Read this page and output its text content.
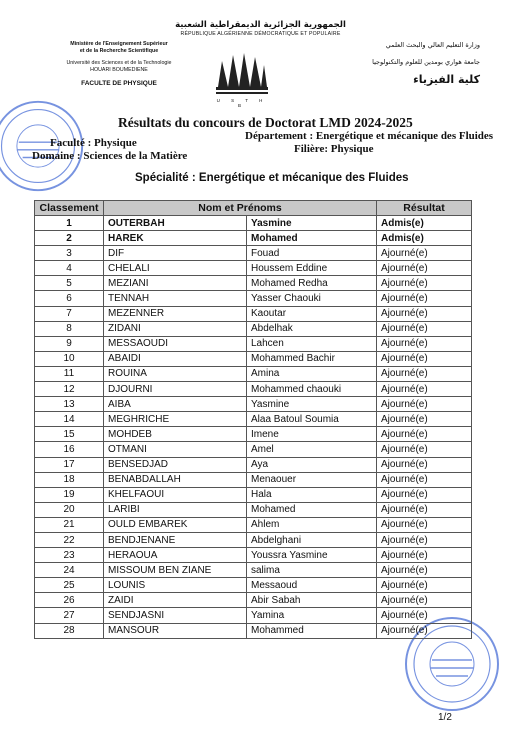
الجمهورية الجزائرية الديمقراطية الشعبية
RÉPUBLIQUE ALGÉRIENNE DÉMOCRATIQUE ET POPULAIRE
Ministère de l'Enseignement Supérieur
et de la Recherche Scientifique
Université des Sciences et de la Technologie
HOUARI BOUMEDIENE
FACULTE DE PHYSIQUE
وزارة التعليم العالي والبحث العلمي
جامعة هواري بومدين للعلوم والتكنولوجيا
كلية الفيزياء
U S T H B
Résultats du concours de Doctorat LMD 2024-2025
Faculté : Physique
Domaine : Sciences de la Matière
Département : Energétique et mécanique des Fluides
Filière: Physique
Spécialité : Energétique et mécanique des Fluides
Classement	Nom et Prénoms		Résultat
1	OUTERBAH	Yasmine	Admis(e)
2	HAREK	Mohamed	Admis(e)
3	DIF	Fouad	Ajourné(e)
4	CHELALI	Houssem Eddine	Ajourné(e)
5	MEZIANI	Mohamed Redha	Ajourné(e)
6	TENNAH	Yasser Chaouki	Ajourné(e)
7	MEZENNER	Kaoutar	Ajourné(e)
8	ZIDANI	Abdelhak	Ajourné(e)
9	MESSAOUDI	Lahcen	Ajourné(e)
10	ABAIDI	Mohammed Bachir	Ajourné(e)
11	ROUINA	Amina	Ajourné(e)
12	DJOURNI	Mohammed chaouki	Ajourné(e)
13	AIBA	Yasmine	Ajourné(e)
14	MEGHRICHE	Alaa Batoul Soumia	Ajourné(e)
15	MOHDEB	Imene	Ajourné(e)
16	OTMANI	Amel	Ajourné(e)
17	BENSEDJAD	Aya	Ajourné(e)
18	BENABDALLAH	Menaouer	Ajourné(e)
19	KHELFAOUI	Hala	Ajourné(e)
20	LARIBI	Mohamed	Ajourné(e)
21	OULD EMBAREK	Ahlem	Ajourné(e)
22	BENDJENANE	Abdelghani	Ajourné(e)
23	HERAOUA	Youssra Yasmine	Ajourné(e)
24	MISSOUM BEN ZIANE	salima	Ajourné(e)
25	LOUNIS	Messaoud	Ajourné(e)
26	ZAIDI	Abir Sabah	Ajourné(e)
27	SENDJASNI	Yamina	Ajourné(e)
28	MANSOUR	Mohammed	Ajourné(e)
1/2
